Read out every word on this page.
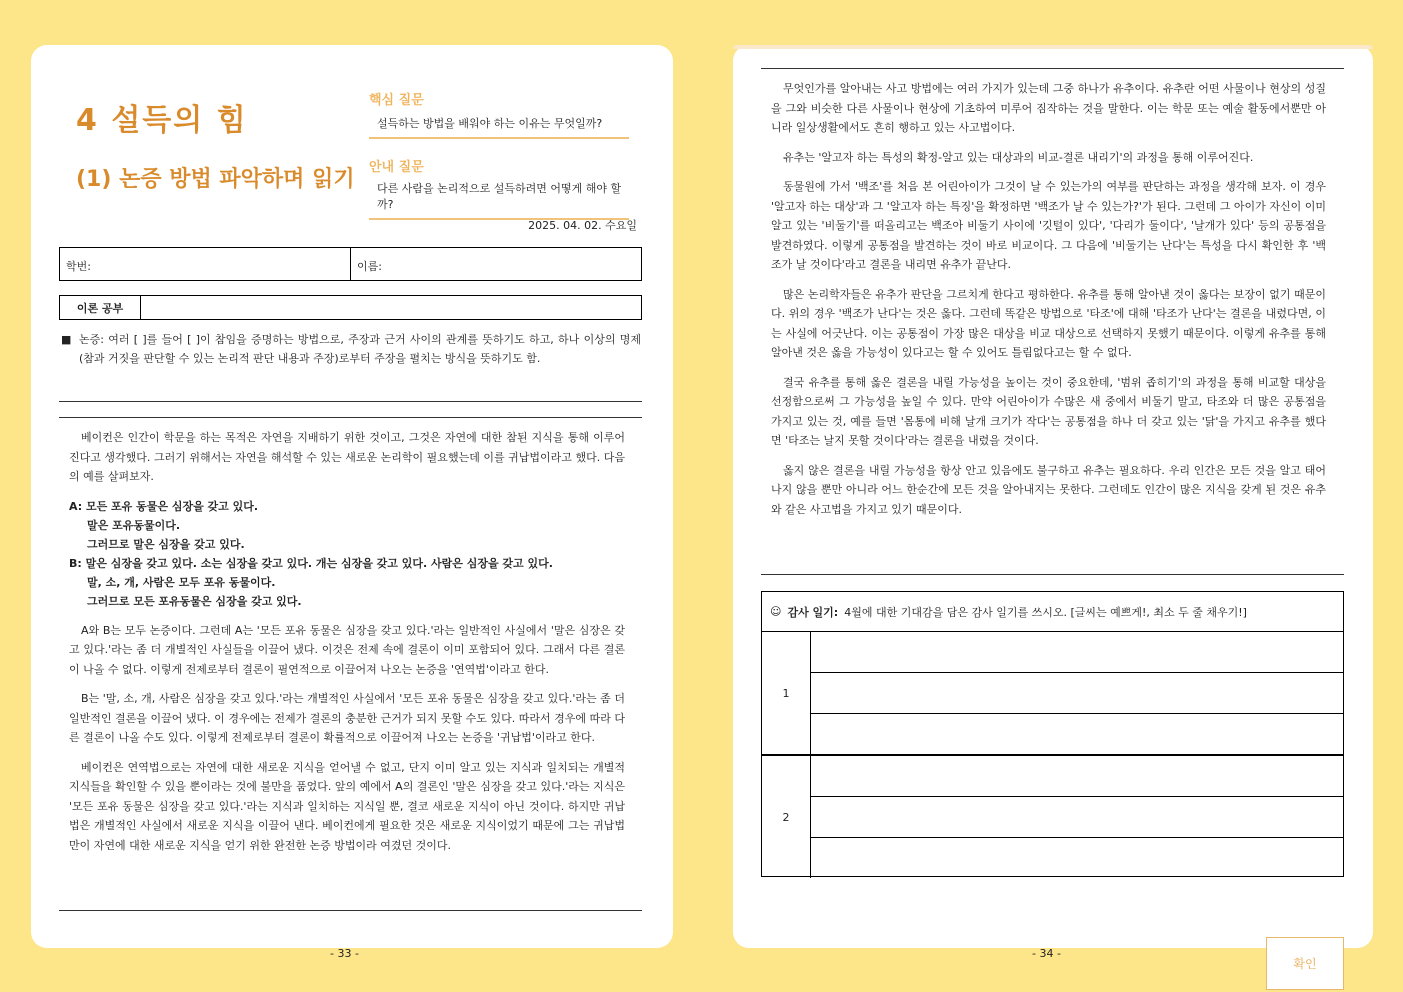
4 설득의 힘
(1) 논증 방법 파악하며 읽기
핵심 질문
설득하는 방법을 배워야 하는 이유는 무엇일까?
안내 질문
다른 사람을 논리적으로 설득하려면 어떻게 해야 할까?
2025. 04. 02. 수요일
학번:	이름:
이론 공부
■ 논증: 여러 [ ]를 들어 [ ]이 참임을 증명하는 방법으로, 주장과 근거 사이의 관계를 뜻하기도 하고, 하나 이상의 명제(참과 거짓을 판단할 수 있는 논리적 판단 내용과 주장)로부터 주장을 펼치는 방식을 뜻하기도 함.

베이컨은 인간이 학문을 하는 목적은 자연을 지배하기 위한 것이고, 그것은 자연에 대한 참된 지식을 통해 이루어진다고 생각했다. 그러기 위해서는 자연을 해석할 수 있는 새로운 논리학이 필요했는데 이를 귀납법이라고 했다. 다음의 예를 살펴보자.

A: 모든 포유 동물은 심장을 갖고 있다.
말은 포유동물이다.
그러므로 말은 심장을 갖고 있다.
B: 말은 심장을 갖고 있다. 소는 심장을 갖고 있다. 개는 심장을 갖고 있다. 사람은 심장을 갖고 있다.
말, 소, 개, 사람은 모두 포유 동물이다.
그러므로 모든 포유동물은 심장을 갖고 있다.

A와 B는 모두 논증이다. 그런데 A는 '모든 포유 동물은 심장을 갖고 있다.'라는 일반적인 사실에서 '말은 심장은 갖고 있다.'라는 좀 더 개별적인 사실들을 이끌어 냈다. 이것은 전제 속에 결론이 이미 포함되어 있다. 그래서 다른 결론이 나올 수 없다. 이렇게 전제로부터 결론이 필연적으로 이끌어져 나오는 논증을 '연역법'이라고 한다.

B는 '말, 소, 개, 사람은 심장을 갖고 있다.'라는 개별적인 사실에서 '모든 포유 동물은 심장을 갖고 있다.'라는 좀 더 일반적인 결론을 이끌어 냈다. 이 경우에는 전제가 결론의 충분한 근거가 되지 못할 수도 있다. 따라서 경우에 따라 다른 결론이 나올 수도 있다. 이렇게 전제로부터 결론이 확률적으로 이끌어져 나오는 논증을 '귀납법'이라고 한다.

베이컨은 연역법으로는 자연에 대한 새로운 지식을 얻어낼 수 없고, 단지 이미 알고 있는 지식과 일치되는 개별적 지식들을 확인할 수 있을 뿐이라는 것에 불만을 품었다. 앞의 예에서 A의 결론인 '말은 심장을 갖고 있다.'라는 지식은 '모든 포유 동물은 심장을 갖고 있다.'라는 지식과 일치하는 지식일 뿐, 결코 새로운 지식이 아닌 것이다. 하지만 귀납법은 개별적인 사실에서 새로운 지식을 이끌어 낸다. 베이컨에게 필요한 것은 새로운 지식이었기 때문에 그는 귀납법만이 자연에 대한 새로운 지식을 얻기 위한 완전한 논증 방법이라 여겼던 것이다.

- 33 -

무엇인가를 알아내는 사고 방법에는 여러 가지가 있는데 그중 하나가 유추이다. 유추란 어떤 사물이나 현상의 성질을 그와 비슷한 다른 사물이나 현상에 기초하여 미루어 짐작하는 것을 말한다. 이는 학문 또는 예술 활동에서뿐만 아니라 일상생활에서도 흔히 행하고 있는 사고법이다.

유추는 '알고자 하는 특성의 확정-알고 있는 대상과의 비교-결론 내리기'의 과정을 통해 이루어진다.

동물원에 가서 '백조'를 처음 본 어린아이가 그것이 날 수 있는가의 여부를 판단하는 과정을 생각해 보자. 이 경우 '알고자 하는 대상'과 그 '알고자 하는 특징'을 확정하면 '백조가 날 수 있는가?'가 된다. 그런데 그 아이가 자신이 이미 알고 있는 '비둘기'를 떠올리고는 백조아 비둘기 사이에 '깃털이 있다', '다리가 둘이다', '날개가 있다' 등의 공통점을 발견하였다. 이렇게 공통점을 발견하는 것이 바로 비교이다. 그 다음에 '비둘기는 난다'는 특성을 다시 확인한 후 '백조가 날 것이다'라고 결론을 내리면 유추가 끝난다.

많은 논리학자들은 유추가 판단을 그르치게 한다고 평하한다. 유추를 통해 알아낸 것이 옳다는 보장이 없기 때문이다. 위의 경우 '백조가 난다'는 것은 옳다. 그런데 똑같은 방법으로 '타조'에 대해 '타조가 난다'는 결론을 내렸다면, 이는 사실에 어긋난다. 이는 공통점이 가장 많은 대상을 비교 대상으로 선택하지 못했기 때문이다. 이렇게 유추를 통해 알아낸 것은 옳을 가능성이 있다고는 할 수 있어도 틀림없다고는 할 수 없다.

결국 유추를 통해 옳은 결론을 내릴 가능성을 높이는 것이 중요한데, '범위 좁히기'의 과정을 통해 비교할 대상을 선정함으로써 그 가능성을 높일 수 있다. 만약 어린아이가 수많은 새 중에서 비둘기 말고, 타조와 더 많은 공통점을 가지고 있는 것, 예를 들면 '몸통에 비해 날개 크기가 작다'는 공통점을 하나 더 갖고 있는 '닭'을 가지고 유추를 했다면 '타조는 날지 못할 것이다'라는 결론을 내렸을 것이다.

옳지 않은 결론을 내릴 가능성을 항상 안고 있음에도 불구하고 유추는 필요하다. 우리 인간은 모든 것을 알고 태어나지 않을 뿐만 아니라 어느 한순간에 모든 것을 알아내지는 못한다. 그런데도 인간이 많은 지식을 갖게 된 것은 유추와 같은 사고법을 가지고 있기 때문이다.

☺ 감사 일기: 4월에 대한 기대감을 담은 감사 일기를 쓰시오. [글씨는 예쁘게!, 최소 두 줄 채우기!]
1
2
- 34 -
확인
